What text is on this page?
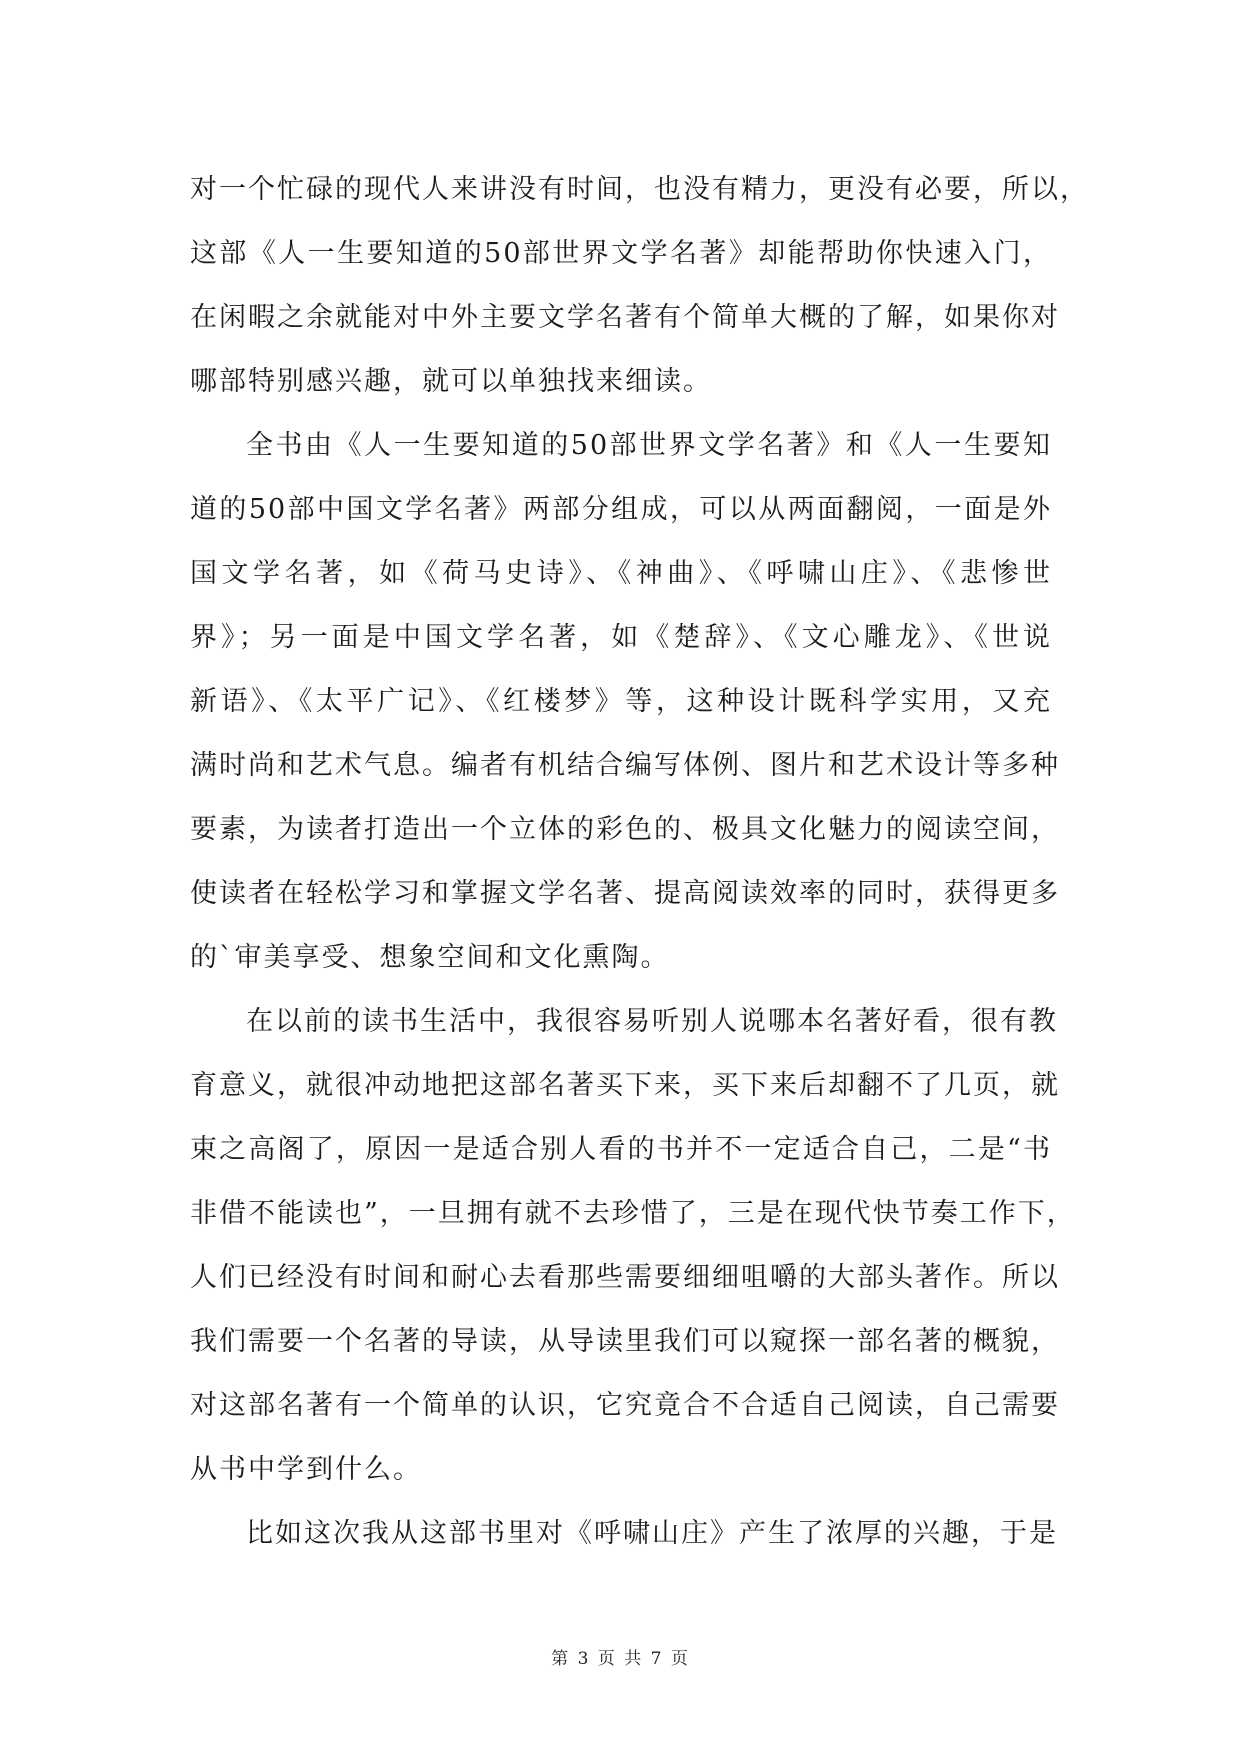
对一个忙碌的现代人来讲没有时间，也没有精力，更没有必要，所以，
这部《人一生要知道的50部世界文学名著》却能帮助你快速入门，
在闲暇之余就能对中外主要文学名著有个简单大概的了解，如果你对
哪部特别感兴趣，就可以单独找来细读。
全书由《人一生要知道的50部世界文学名著》和《人一生要知
道的50部中国文学名著》两部分组成，可以从两面翻阅，一面是外
国文学名著，如《荷马史诗》、《神曲》、《呼啸山庄》、《悲惨世
界》；另一面是中国文学名著，如《楚辞》、《文心雕龙》、《世说
新语》、《太平广记》、《红楼梦》等，这种设计既科学实用，又充
满时尚和艺术气息。编者有机结合编写体例、图片和艺术设计等多种
要素，为读者打造出一个立体的彩色的、极具文化魅力的阅读空间，
使读者在轻松学习和掌握文学名著、提高阅读效率的同时，获得更多
的`审美享受、想象空间和文化熏陶。
在以前的读书生活中，我很容易听别人说哪本名著好看，很有教
育意义，就很冲动地把这部名著买下来，买下来后却翻不了几页，就
束之高阁了，原因一是适合别人看的书并不一定适合自己，二是“书
非借不能读也”，一旦拥有就不去珍惜了，三是在现代快节奏工作下，
人们已经没有时间和耐心去看那些需要细细咀嚼的大部头著作。所以
我们需要一个名著的导读，从导读里我们可以窥探一部名著的概貌，
对这部名著有一个简单的认识，它究竟合不合适自己阅读，自己需要
从书中学到什么。
比如这次我从这部书里对《呼啸山庄》产生了浓厚的兴趣，于是
第 3 页 共 7 页
